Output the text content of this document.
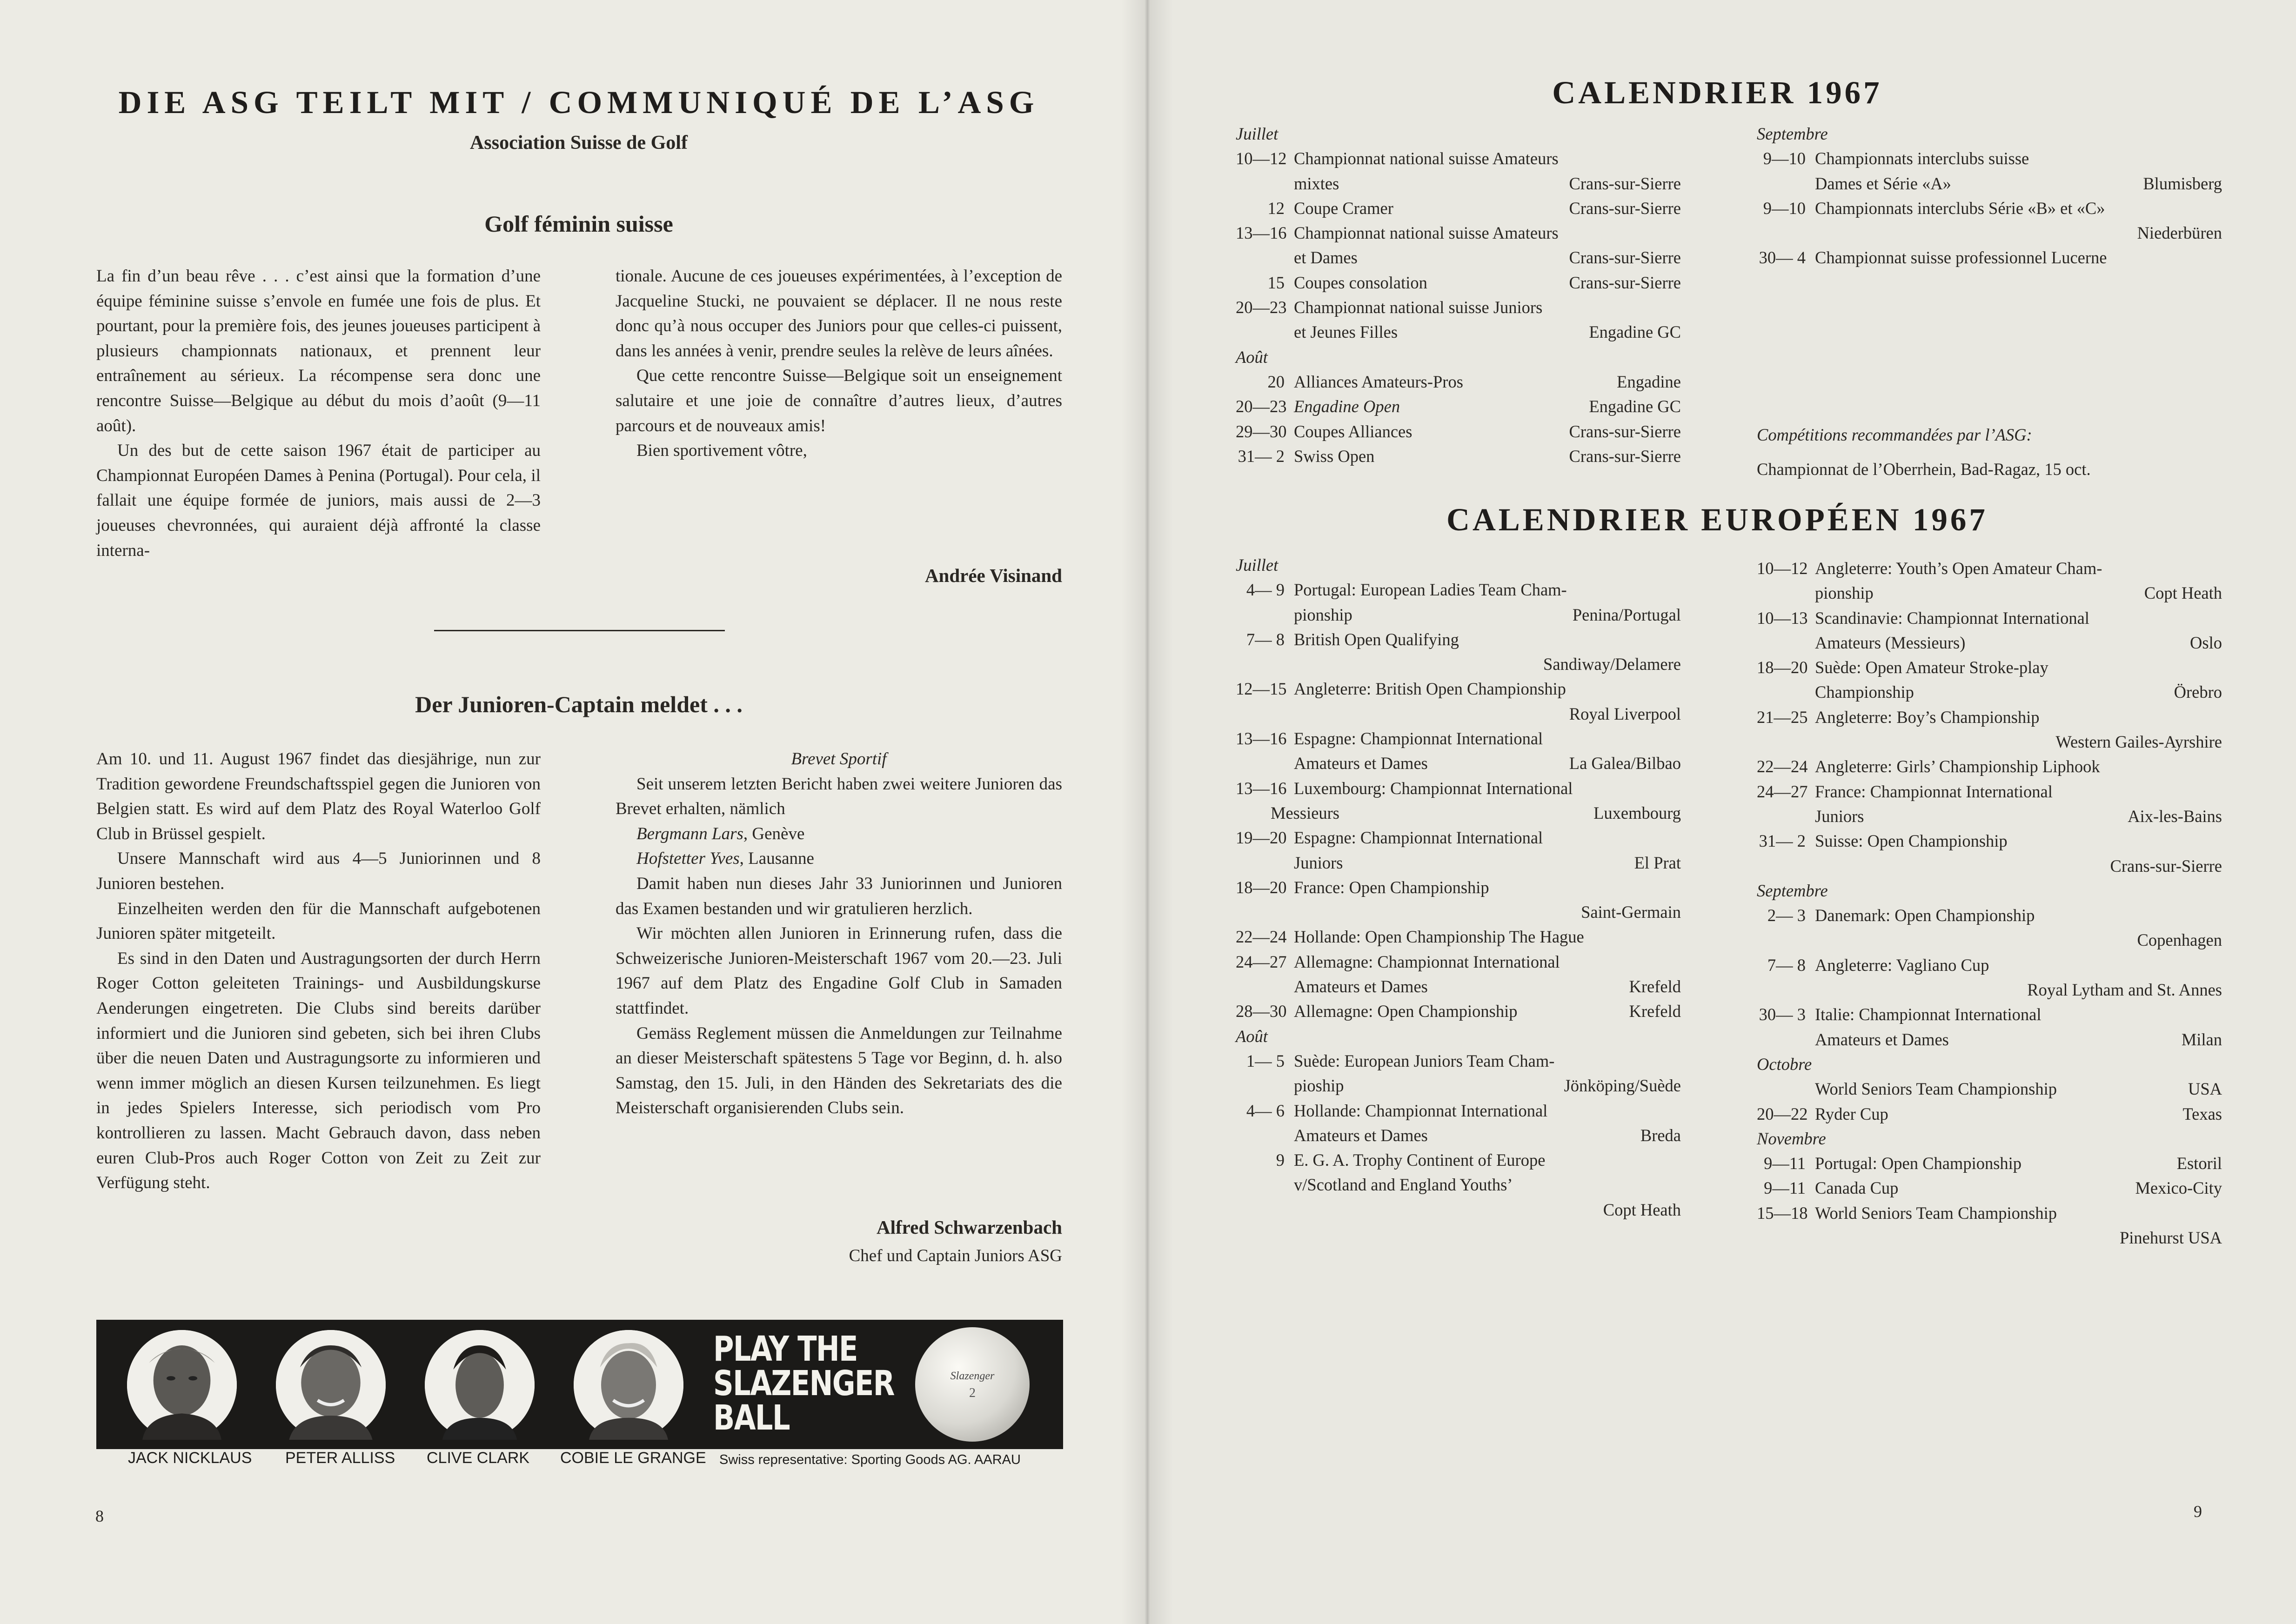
DIE ASG TEILT MIT / COMMUNIQUÉ DE L’ASG
Association Suisse de Golf
Golf féminin suisse

La fin d’un beau rêve . . . c’est ainsi que la formation d’une équipe féminine suisse s’envole en fumée une fois de plus. Et pourtant, pour la première fois, des jeunes joueuses participent à plusieurs championnats nationaux, et prennent leur entraînement au sérieux. La récompense sera donc une rencontre Suisse—Belgique au début du mois d’août (9—11 août).

Un des but de cette saison 1967 était de participer au Championnat Européen Dames à Penina (Portugal). Pour cela, il fallait une équipe formée de juniors, mais aussi de 2—3 joueuses chevronnées, qui auraient déjà affronté la classe interna-

tionale. Aucune de ces joueuses expérimentées, à l’exception de Jacqueline Stucki, ne pouvaient se déplacer. Il ne nous reste donc qu’à nous occuper des Juniors pour que celles-ci puissent, dans les années à venir, prendre seules la relève de leurs aînées.

Que cette rencontre Suisse—Belgique soit un enseignement salutaire et une joie de connaître d’autres lieux, d’autres parcours et de nouveaux amis!

Bien sportivement vôtre,

Andrée Visinand
Der Junioren-Captain meldet . . .

Am 10. und 11. August 1967 findet das diesjährige, nun zur Tradition gewordene Freundschaftsspiel gegen die Junioren von Belgien statt. Es wird auf dem Platz des Royal Waterloo Golf Club in Brüssel gespielt.

Unsere Mannschaft wird aus 4—5 Juniorinnen und 8 Junioren bestehen.

Einzelheiten werden den für die Mannschaft aufgebotenen Junioren später mitgeteilt.

Es sind in den Daten und Austragungsorten der durch Herrn Roger Cotton geleiteten Trainings- und Ausbildungskurse Aenderungen eingetreten. Die Clubs sind bereits darüber informiert und die Junioren sind gebeten, sich bei ihren Clubs über die neuen Daten und Austragungsorte zu informieren und wenn immer möglich an diesen Kursen teilzunehmen. Es liegt in jedes Spielers Interesse, sich periodisch vom Pro kontrollieren zu lassen. Macht Gebrauch davon, dass neben euren Club-Pros auch Roger Cotton von Zeit zu Zeit zur Verfügung steht.

Brevet Sportif

Seit unserem letzten Bericht haben zwei weitere Junioren das Brevet erhalten, nämlich

Bergmann Lars, Genève
Hofstetter Yves, Lausanne

Damit haben nun dieses Jahr 33 Juniorinnen und Junioren das Examen bestanden und wir gratulieren herzlich.

Wir möchten allen Junioren in Erinnerung rufen, dass die Schweizerische Junioren-Meisterschaft 1967 vom 20.—23. Juli 1967 auf dem Platz des Engadine Golf Club in Samaden stattfindet.

Gemäss Reglement müssen die Anmeldungen zur Teilnahme an dieser Meisterschaft spätestens 5 Tage vor Beginn, d. h. also Samstag, den 15. Juli, in den Händen des Sekretariats des die Meisterschaft organisierenden Clubs sein.

Alfred Schwarzenbach
Chef und Captain Juniors ASG
PLAY THE
SLAZENGER
BALL
Slazenger
2
JACK NICKLAUS PETER ALLISS CLIVE CLARK COBIE LE GRANGE Swiss representative: Sporting Goods AG. AARAU
8
CALENDRIER 1967
Juillet
10—12 Championnat national suisse Amateurs
mixtes	Crans-sur-Sierre
12 Coupe Cramer	Crans-sur-Sierre
13—16 Championnat national suisse Amateurs
et Dames	Crans-sur-Sierre
15 Coupes consolation	Crans-sur-Sierre
20—23 Championnat national suisse Juniors
et Jeunes Filles	Engadine GC
Août
20 Alliances Amateurs-Pros	Engadine
20—23 Engadine Open	Engadine GC
29—30 Coupes Alliances	Crans-sur-Sierre
31— 2 Swiss Open	Crans-sur-Sierre
Septembre
9—10 Championnats interclubs suisse
Dames et Série «A»	Blumisberg
9—10 Championnats interclubs Série «B» et «C»
Niederbüren
30— 4 Championnat suisse professionnel Lucerne
Compétitions recommandées par l’ASG:
Championnat de l’Oberrhein, Bad-Ragaz, 15 oct.
CALENDRIER EUROPÉEN 1967
Juillet
4— 9 Portugal: European Ladies Team Cham-
pionship	Penina/Portugal
7— 8 British Open Qualifying
Sandiway/Delamere
12—15 Angleterre: British Open Championship
Royal Liverpool
13—16 Espagne: Championnat International
Amateurs et Dames	La Galea/Bilbao
13—16 Luxembourg: Championnat International
Messieurs	Luxembourg
19—20 Espagne: Championnat International
Juniors	El Prat
18—20 France: Open Championship
Saint-Germain
22—24 Hollande: Open Championship The Hague
24—27 Allemagne: Championnat International
Amateurs et Dames	Krefeld
28—30 Allemagne: Open Championship	Krefeld
Août
1— 5 Suède: European Juniors Team Cham-
pioship	Jönköping/Suède
4— 6 Hollande: Championnat International
Amateurs et Dames	Breda
9 E. G. A. Trophy Continent of Europe
v/Scotland and England Youths’
Copt Heath
10—12 Angleterre: Youth’s Open Amateur Cham-
pionship	Copt Heath
10—13 Scandinavie: Championnat International
Amateurs (Messieurs)	Oslo
18—20 Suède: Open Amateur Stroke-play
Championship	Örebro
21—25 Angleterre: Boy’s Championship
Western Gailes-Ayrshire
22—24 Angleterre: Girls’ Championship Liphook
24—27 France: Championnat International
Juniors	Aix-les-Bains
31— 2 Suisse: Open Championship
Crans-sur-Sierre
Septembre
2— 3 Danemark: Open Championship
Copenhagen
7— 8 Angleterre: Vagliano Cup
Royal Lytham and St. Annes
30— 3 Italie: Championnat International
Amateurs et Dames	Milan
Octobre
World Seniors Team Championship	USA
20—22 Ryder Cup	Texas
Novembre
9—11 Portugal: Open Championship	Estoril
9—11 Canada Cup	Mexico-City
15—18 World Seniors Team Championship
Pinehurst USA
9
